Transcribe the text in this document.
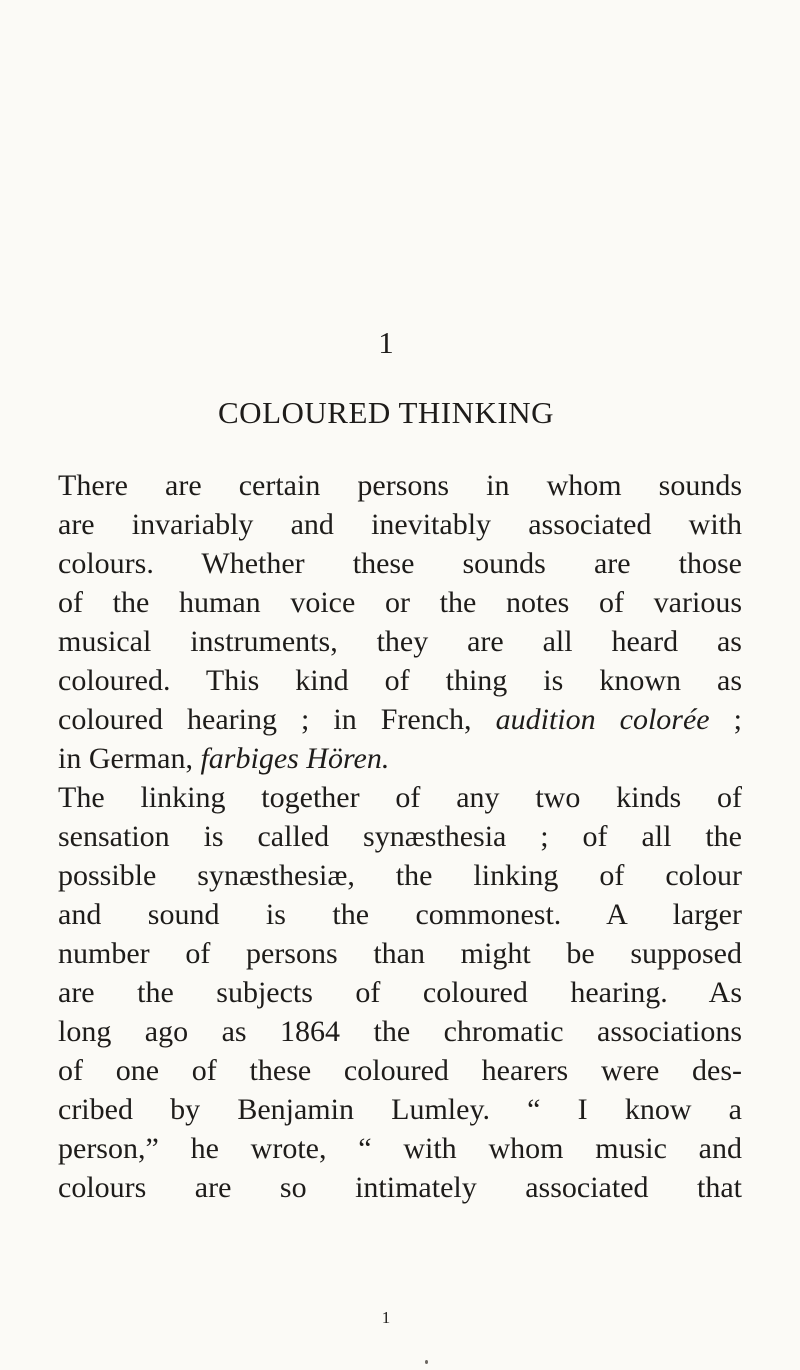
1
COLOURED THINKING
There are certain persons in whom sounds
are invariably and inevitably associated with
colours. Whether these sounds are those
of the human voice or the notes of various
musical instruments, they are all heard as
coloured. This kind of thing is known as
coloured hearing ; in French, audition colorée ;
in German, farbiges Hören.
The linking together of any two kinds of
sensation is called synæsthesia ; of all the
possible synæsthesiæ, the linking of colour
and sound is the commonest. A larger
number of persons than might be supposed
are the subjects of coloured hearing. As
long ago as 1864 the chromatic associations
of one of these coloured hearers were des-
cribed by Benjamin Lumley. “ I know a
person,” he wrote, “ with whom music and
colours are so intimately associated that
1
